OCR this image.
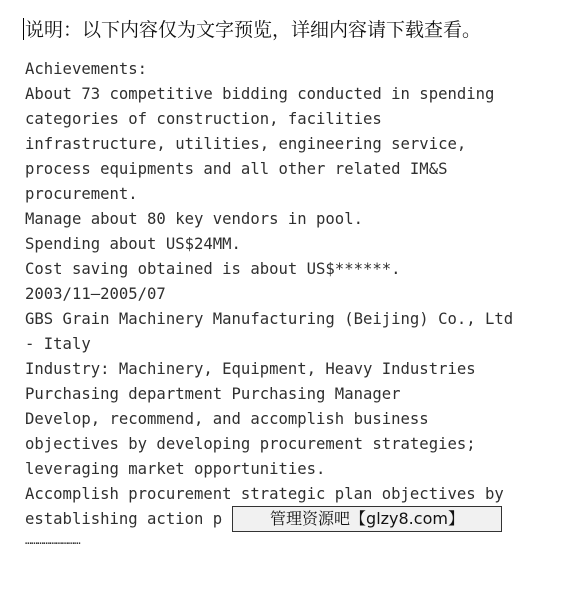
说明：以下内容仅为文字预览，详细内容请下载查看。
Achievements:
About 73 competitive bidding conducted in spending
categories of construction, facilities
infrastructure, utilities, engineering service,
process equipments and all other related IM&S
procurement.
Manage about 80 key vendors in pool.
Spending about US$24MM.
Cost saving obtained is about US$******.
2003/11—2005/07
GBS Grain Machinery Manufacturing (Beijing) Co., Ltd
- Italy
Industry: Machinery, Equipment, Heavy Industries
Purchasing department Purchasing Manager
Develop, recommend, and accomplish business
objectives by developing procurement strategies;
leveraging market opportunities.
Accomplish procurement strategic plan objectives by
establishing action p	管理资源吧【glzy8.com】
………………………
